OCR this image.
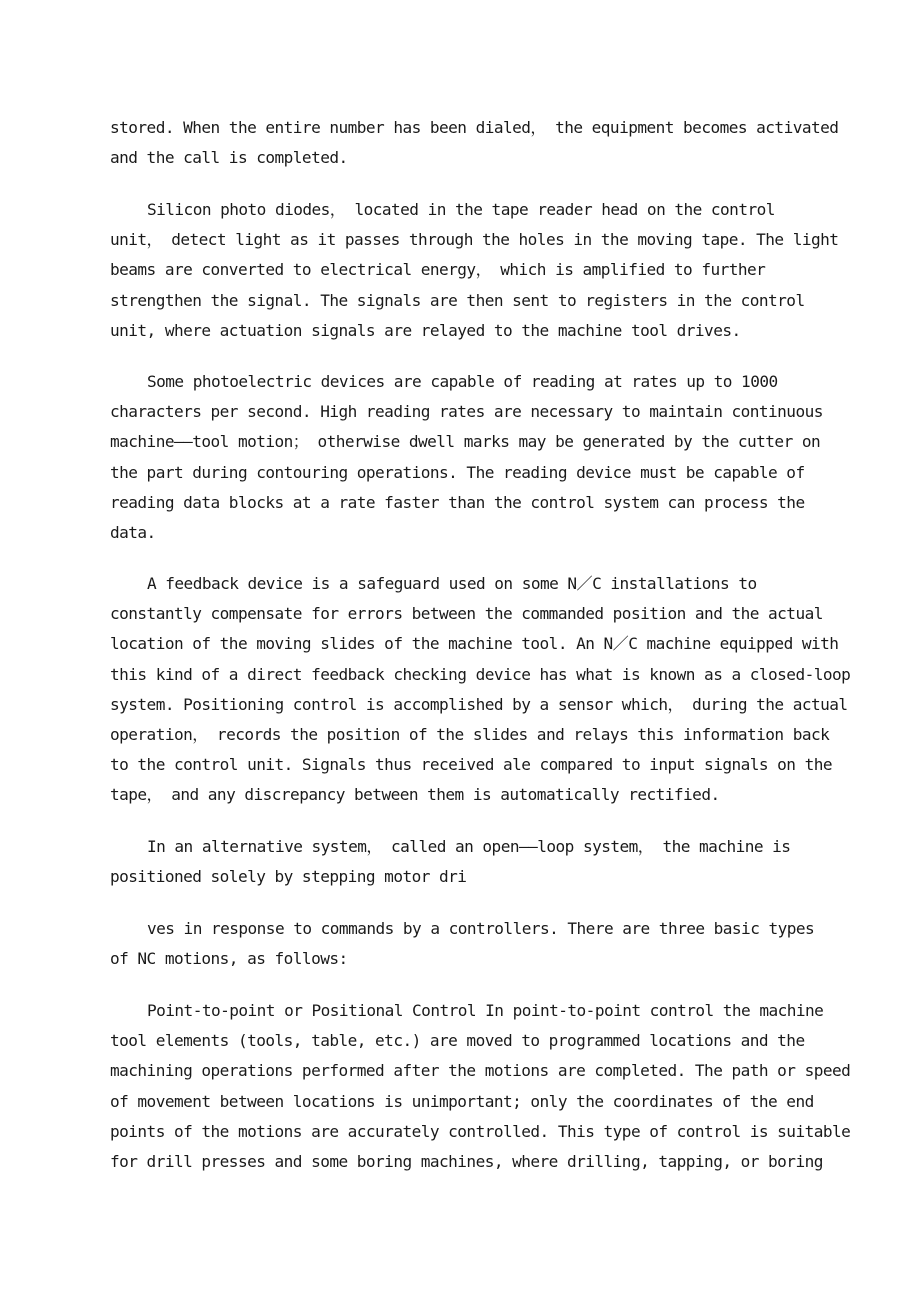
stored. When the entire number has been dialed， the equipment becomes activated
and the call is completed.

Silicon photo diodes， located in the tape reader head on the control
unit， detect light as it passes through the holes in the moving tape. The light
beams are converted to electrical energy， which is amplified to further
strengthen the signal. The signals are then sent to registers in the control
unit, where actuation signals are relayed to the machine tool drives.

Some photoelectric devices are capable of reading at rates up to 1000
characters per second. High reading rates are necessary to maintain continuous
machine——tool motion； otherwise dwell marks may be generated by the cutter on
the part during contouring operations. The reading device must be capable of
reading data blocks at a rate faster than the control system can process the
data.

A feedback device is a safeguard used on some N／C installations to
constantly compensate for errors between the commanded position and the actual
location of the moving slides of the machine tool. An N／C machine equipped with
this kind of a direct feedback checking device has what is known as a closed-loop
system. Positioning control is accomplished by a sensor which， during the actual
operation， records the position of the slides and relays this information back
to the control unit. Signals thus received ale compared to input signals on the
tape， and any discrepancy between them is automatically rectified.

In an alternative system， called an open——loop system， the machine is
positioned solely by stepping motor dri

ves in response to commands by a controllers. There are three basic types
of NC motions, as follows:

Point-to-point or Positional Control In point-to-point control the machine
tool elements (tools, table, etc.) are moved to programmed locations and the
machining operations performed after the motions are completed. The path or speed
of movement between locations is unimportant; only the coordinates of the end
points of the motions are accurately controlled. This type of control is suitable
for drill presses and some boring machines, where drilling, tapping, or boring
